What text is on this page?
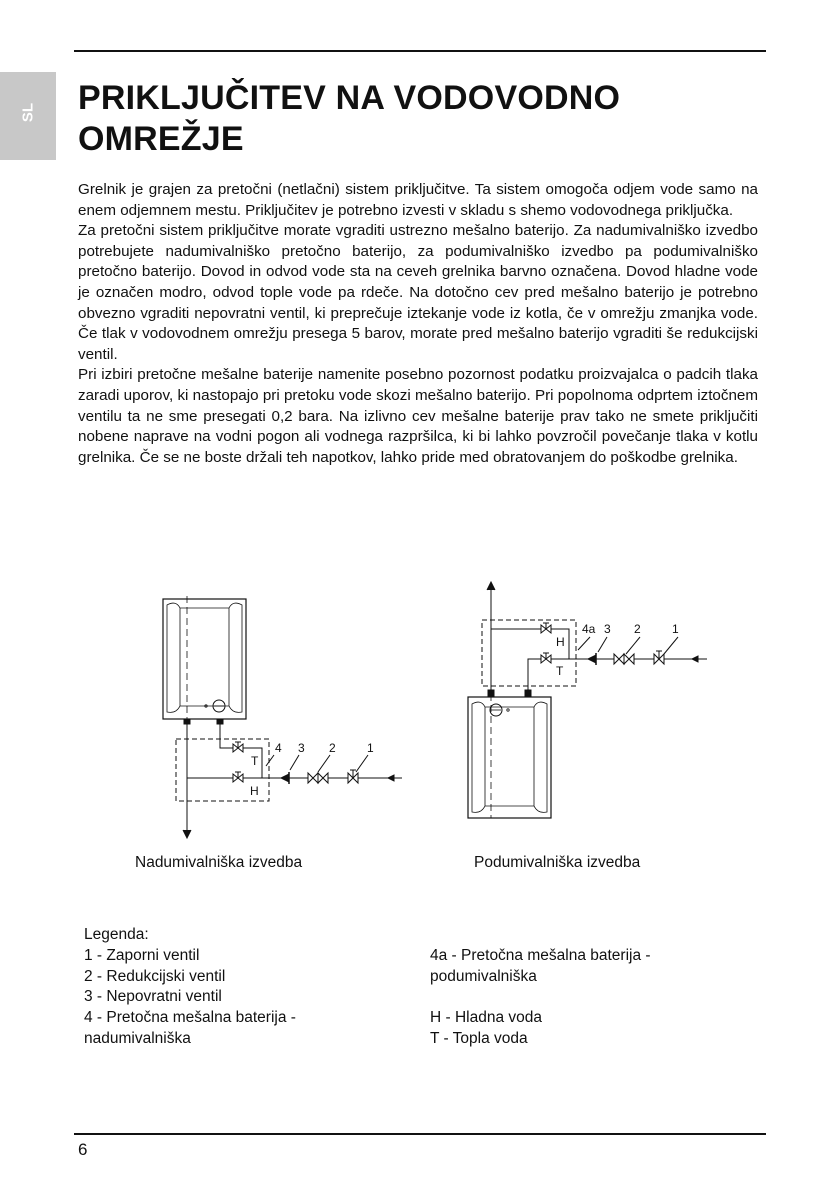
SL PRIKLJUČITEV NA VODOVODNO OMREŽJE

Grelnik je grajen za pretočni (netlačni) sistem priključitve. Ta sistem omogoča odjem vode samo na enem odjemnem mestu. Priključitev je potrebno izvesti v skladu s shemo vodovodnega priključka.

Za pretočni sistem priključitve morate vgraditi ustrezno mešalno baterijo. Za nadumivalniško izvedbo potrebujete nadumivalniško pretočno baterijo, za podumivalniško izvedbo pa podumivalniško pretočno baterijo. Dovod in odvod vode sta na ceveh grelnika barvno označena. Dovod hladne vode je označen modro, odvod tople vode pa rdeče. Na dotočno cev pred mešalno baterijo je potrebno obvezno vgraditi nepovratni ventil, ki preprečuje iztekanje vode iz kotla, če v omrežju zmanjka vode. Če tlak v vodovodnem omrežju presega 5 barov, morate pred mešalno baterijo vgraditi še redukcijski ventil.

Pri izbiri pretočne mešalne baterije namenite posebno pozornost podatku proizvajalca o padcih tlaka zaradi uporov, ki nastopajo pri pretoku vode skozi mešalno baterijo. Pri popolnoma odprtem iztočnem ventilu ta ne sme presegati 0,2 bara. Na izlivno cev mešalne baterije prav tako ne smete priključiti nobene naprave na vodni pogon ali vodnega razpršilca, ki bi lahko povzročil povečanje tlaka v kotlu grelnika. Če se ne boste držali teh napotkov, lahko pride med obratovanjem do poškodbe grelnika.

4 3 2	1
T
H
4a 3 2	1
H
T
Nadumivalniška izvedba	Podumivalniška izvedba
Legenda:
1 - Zaporni ventil
2 - Redukcijski ventil
3 - Nepovratni ventil
4 - Pretočna mešalna baterija -
nadumivalniška
4a - Pretočna mešalna baterija -
podumivalniška
H - Hladna voda
T - Topla voda
6
